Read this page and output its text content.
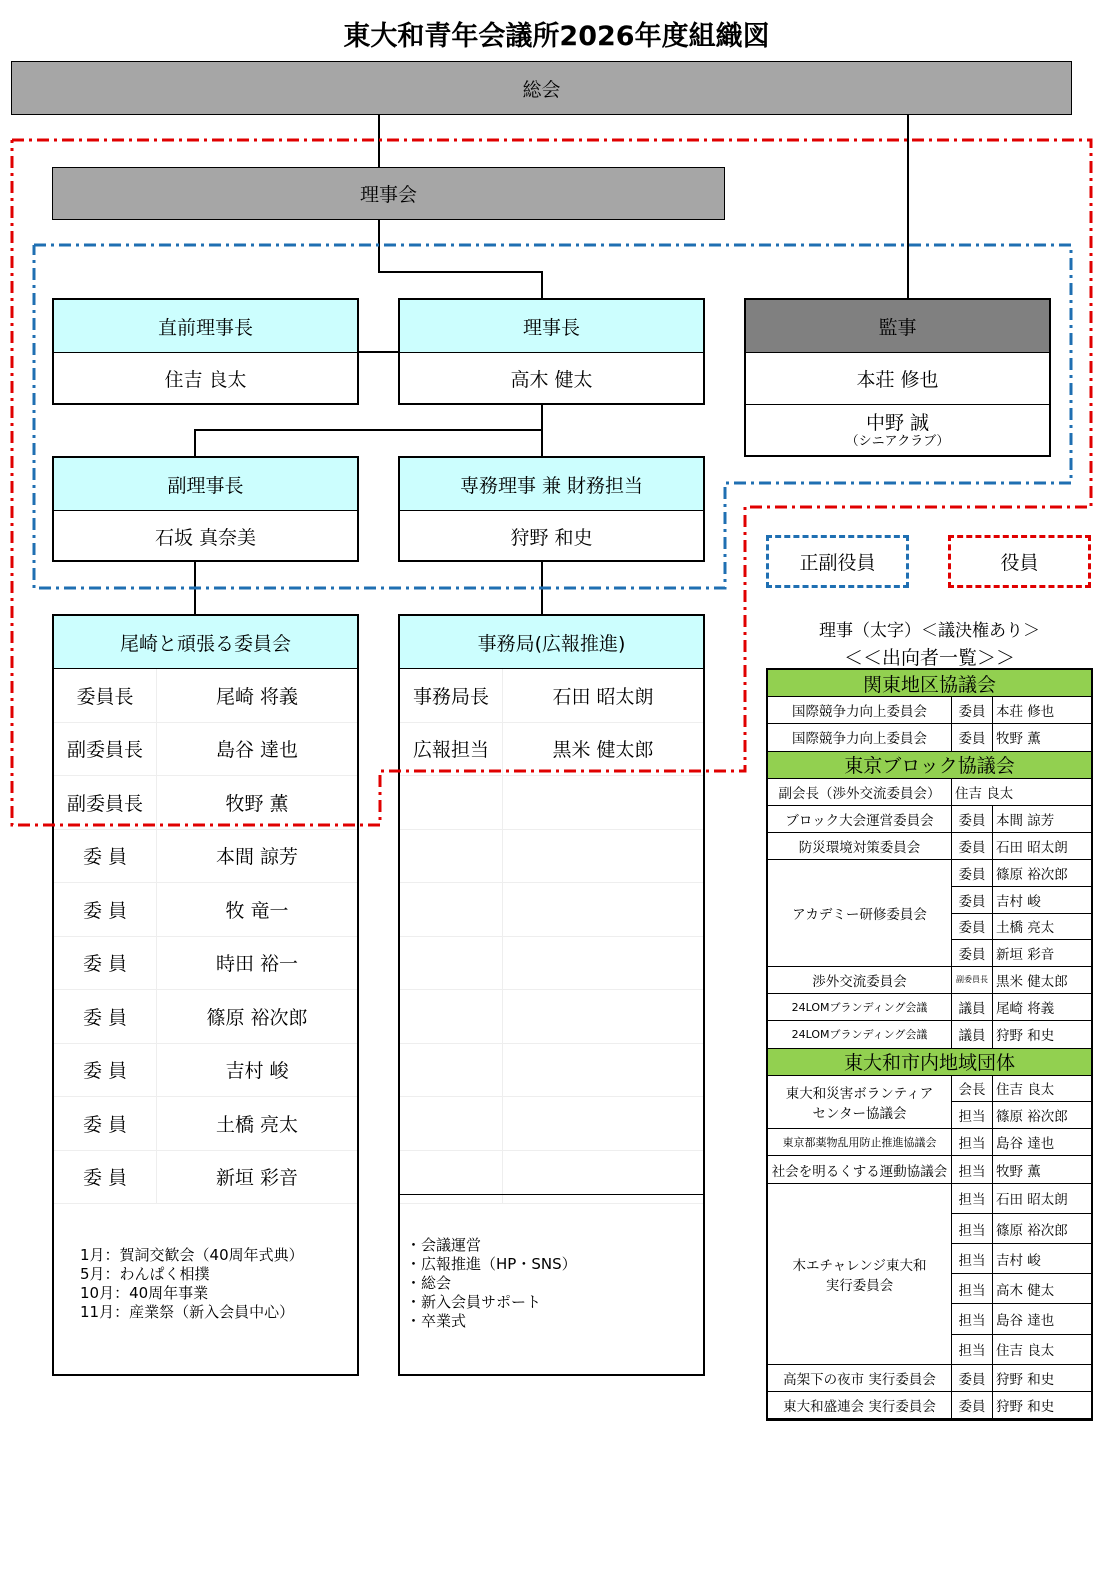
東大和青年会議所2026年度組織図
総会
理事会
直前理事長
住吉 良太
理事長
高木 健太
監事
本荘 修也
中野 誠
（シニアクラブ）
副理事長
石坂 真奈美
専務理事 兼 財務担当
狩野 和史
尾崎と頑張る委員会
委員長	尾崎 将義
副委員長	島谷 達也
副委員長	牧野 薫
委 員	本間 諒芳
委 員	牧 竜一
委 員	時田 裕一
委 員	篠原 裕次郎
委 員	吉村 峻
委 員	土橋 亮太
委 員	新垣 彩音
1月：賀詞交歓会（40周年式典）
5月：わんぱく相撲
10月：40周年事業
11月：産業祭（新入会員中心）
事務局(広報推進)
事務局長	石田 昭太朗
広報担当	黒米 健太郎
・会議運営
・広報推進（HP・SNS）
・総会
・新入会員サポート
・卒業式
正副役員	役員
理事（太字）＜議決権あり＞
＜＜出向者一覧＞＞
関東地区協議会
国際競争力向上委員会	委員 本荘 修也
国際競争力向上委員会	委員 牧野 薫
東京ブロック協議会
副会長（渉外交流委員会）	住吉 良太
ブロック大会運営委員会	委員 本間 諒芳
防災環境対策委員会	委員 石田 昭太朗
アカデミー研修委員会
委員 篠原 裕次郎
委員 吉村 峻
委員 土橋 亮太
委員 新垣 彩音
渉外交流委員会	副委員長 黒米 健太郎
24LOMブランディング会議	議員 尾崎 将義
24LOMブランディング会議	議員 狩野 和史
東大和市内地域団体
東大和災害ボランティア
センター協議会
会長 住吉 良太
担当 篠原 裕次郎
東京都薬物乱用防止推進協議会	担当 島谷 達也
社会を明るくする運動協議会 担当 牧野 薫
木エチャレンジ東大和
実行委員会
担当 石田 昭太朗
担当 篠原 裕次郎
担当 吉村 峻
担当 高木 健太
担当 島谷 達也
担当 住吉 良太
高架下の夜市 実行委員会	委員 狩野 和史
東大和盛連会 実行委員会	委員 狩野 和史
